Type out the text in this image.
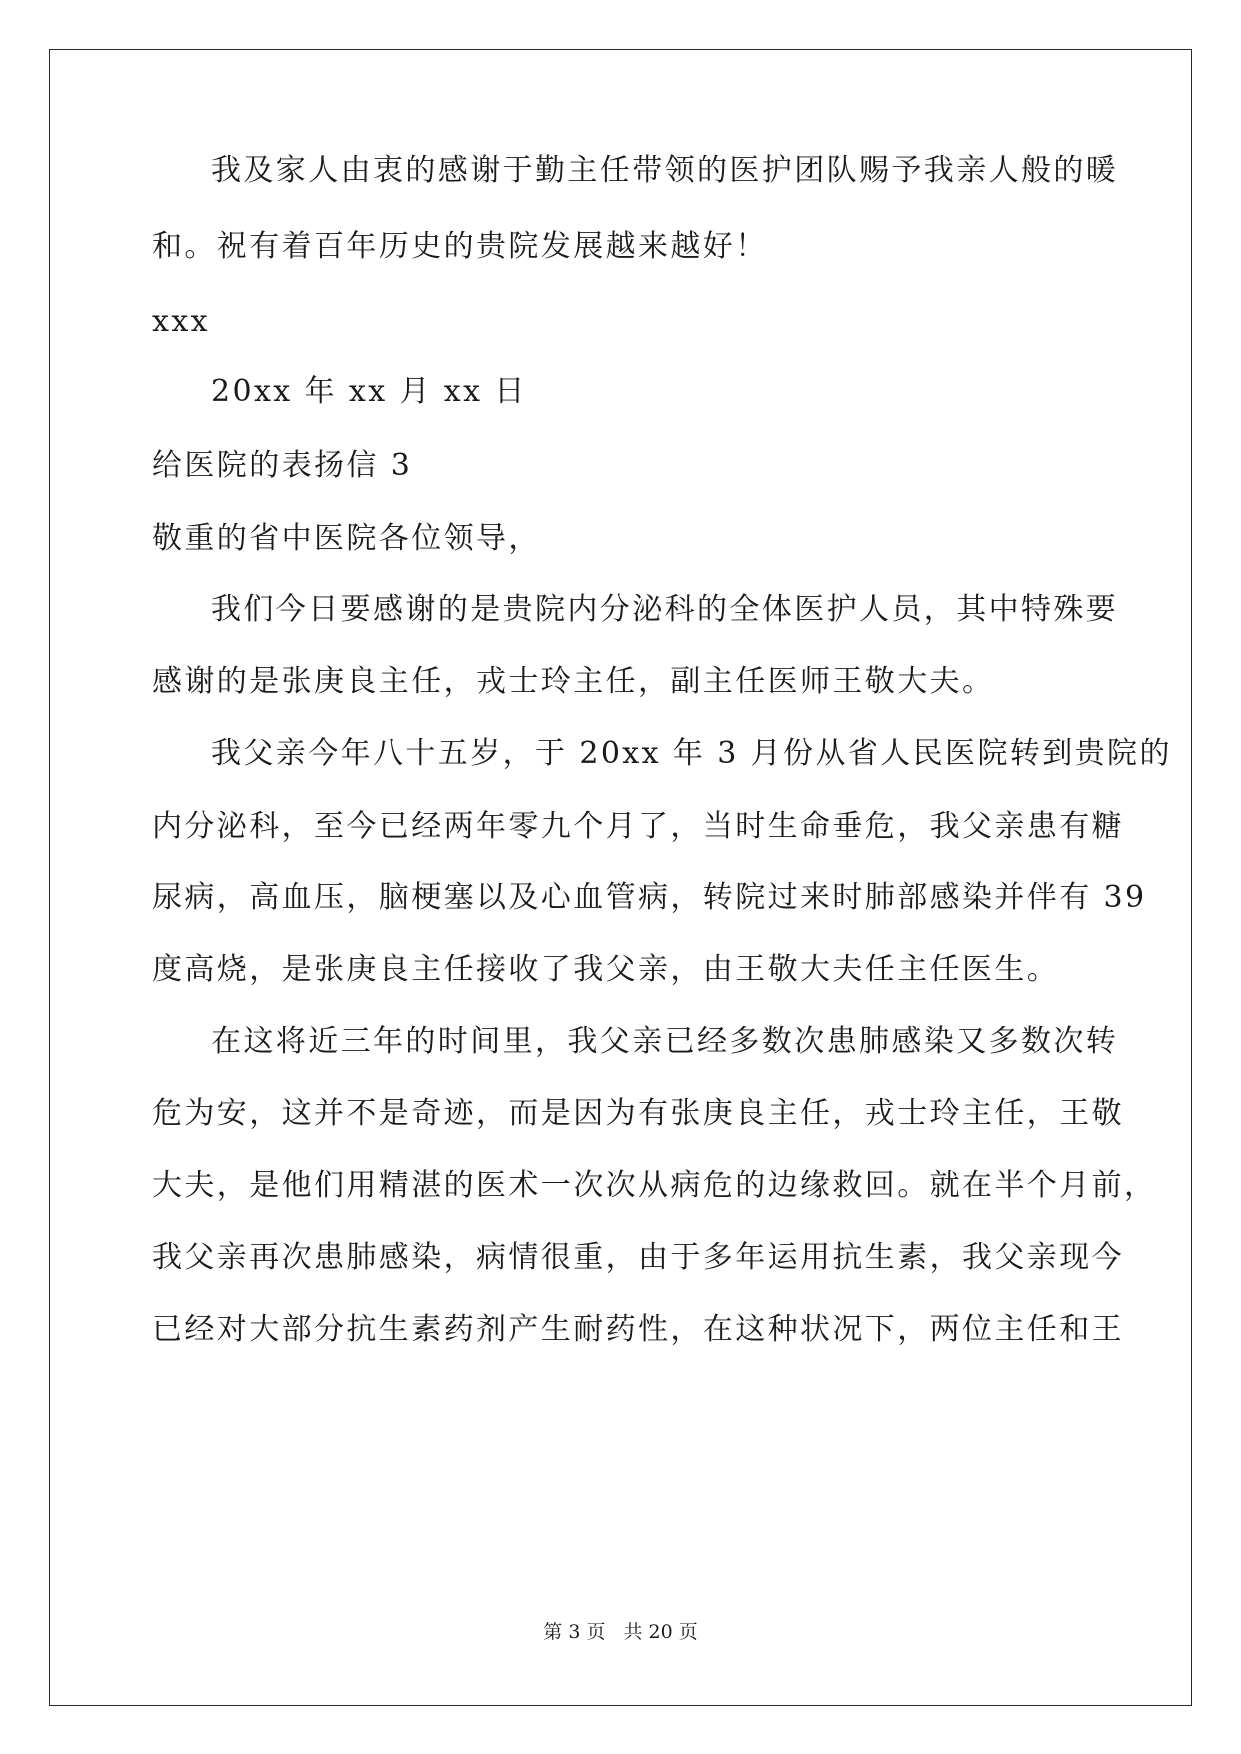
我及家人由衷的感谢于勤主任带领的医护团队赐予我亲人般的暖

和。祝有着百年历史的贵院发展越来越好！

xxx

20xx 年 xx 月 xx 日

给医院的表扬信 3

敬重的省中医院各位领导，

我们今日要感谢的是贵院内分泌科的全体医护人员，其中特殊要

感谢的是张庚良主任，戎士玲主任，副主任医师王敬大夫。

我父亲今年八十五岁，于 20xx 年 3 月份从省人民医院转到贵院的

内分泌科，至今已经两年零九个月了，当时生命垂危，我父亲患有糖

尿病，高血压，脑梗塞以及心血管病，转院过来时肺部感染并伴有 39

度高烧，是张庚良主任接收了我父亲，由王敬大夫任主任医生。

在这将近三年的时间里，我父亲已经多数次患肺感染又多数次转

危为安，这并不是奇迹，而是因为有张庚良主任，戎士玲主任，王敬

大夫，是他们用精湛的医术一次次从病危的边缘救回。就在半个月前，

我父亲再次患肺感染，病情很重，由于多年运用抗生素，我父亲现今

已经对大部分抗生素药剂产生耐药性，在这种状况下，两位主任和王

第 3 页 共 20 页
